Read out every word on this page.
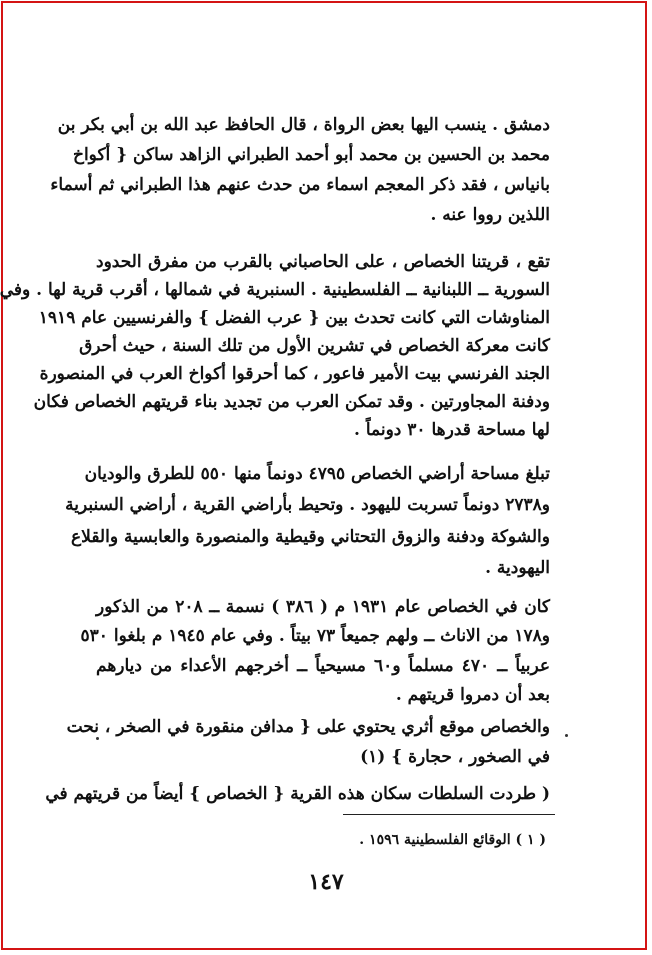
دمشق . ينسب اليها بعض الرواة ، قال الحافظ عبد الله بن أبي بكر بن
محمد بن الحسين بن محمد أبو أحمد الطبراني الزاهد ساكن { أكواخ
بانياس ، فقد ذكر المعجم اسماء من حدث عنهم هذا الطبراني ثم أسماء
اللذين رووا عنه .
تقع ، قريتنا الخصاص ، على الحاصباني بالقرب من مفرق الحدود
السورية ــ اللبنانية ــ الفلسطينية . السنبرية في شمالها ، أقرب قرية لها . وفي
المناوشات التي كانت تحدث بين { عرب الفضل } والفرنسيين عام ١٩١٩
كانت معركة الخصاص في تشرين الأول من تلك السنة ، حيث أحرق
الجند الفرنسي بيت الأمير فاعور ، كما أحرقوا أكواخ العرب في المنصورة
ودفنة المجاورتين . وقد تمكن العرب من تجديد بناء قريتهم الخصاص فكان
لها مساحة قدرها ٣٠ دونماً .
تبلغ مساحة أراضي الخصاص ٤٧٩٥ دونماً منها ٥٥٠ للطرق والوديان
و٢٧٣٨ دونماً تسربت لليهود . وتحيط بأراضي القرية ، أراضي السنبرية
والشوكة ودفنة والزوق التحتاني وقيطية والمنصورة والعابسية والقلاع
اليهودية .
كان في الخصاص عام ١٩٣١ م ( ٣٨٦ ) نسمة ــ ٢٠٨ من الذكور
و١٧٨ من الاناث ــ ولهم جميعاً ٧٣ بيتاً . وفي عام ١٩٤٥ م بلغوا ٥٣٠
عربياً ــ ٤٧٠ مسلماً و٦٠ مسيحياً ــ أخرجهم الأعداء من ديارهم
بعد أن دمروا قريتهم .
والخصاص موقع أثري يحتوي على { مدافن منقورة في الصخر ، نحت
في الصخور ، حجارة } (١)
( طردت السلطات سكان هذه القرية { الخصاص } أيضاً من قريتهم في
( ١ ) الوقائع الفلسطينية ١٥٩٦ .
١٤٧
